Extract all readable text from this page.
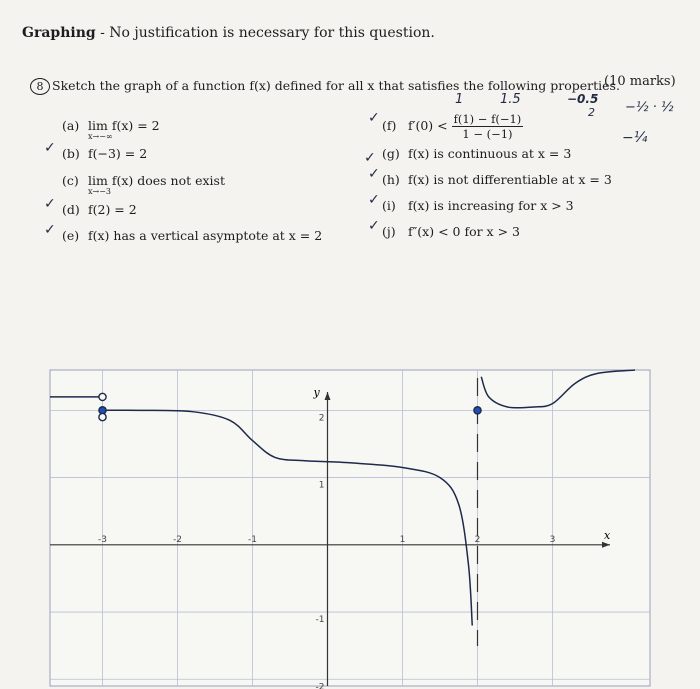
Graphing - No justification is necessary for this question.
8 Sketch the graph of a function f(x) defined for all x that satisfies the following properties.
(10 marks)
(a) lim f(x) = 2
x→−∞
(b) f(−3) = 2
(c) lim f(x) does not exist
x→−3
(d) f(2) = 2
(e) f(x) has a vertical asymptote at x = 2
(f) $f'(0) < \frac{f(1) - f(-1)}{1 - (-1)}$
(g) f(x) is continuous at x = 3
(h) f(x) is not differentiable at x = 3
(i) f(x) is increasing for x > 3
(j) f″(x) < 0 for x > 3
1	1.5	−0.5
2 −½ · ½
−¼
✓
✓
✓
✓
✓
✓
✓
✓
x
y
-3	-2	-1	1	2	3
-2
-1
1
2
